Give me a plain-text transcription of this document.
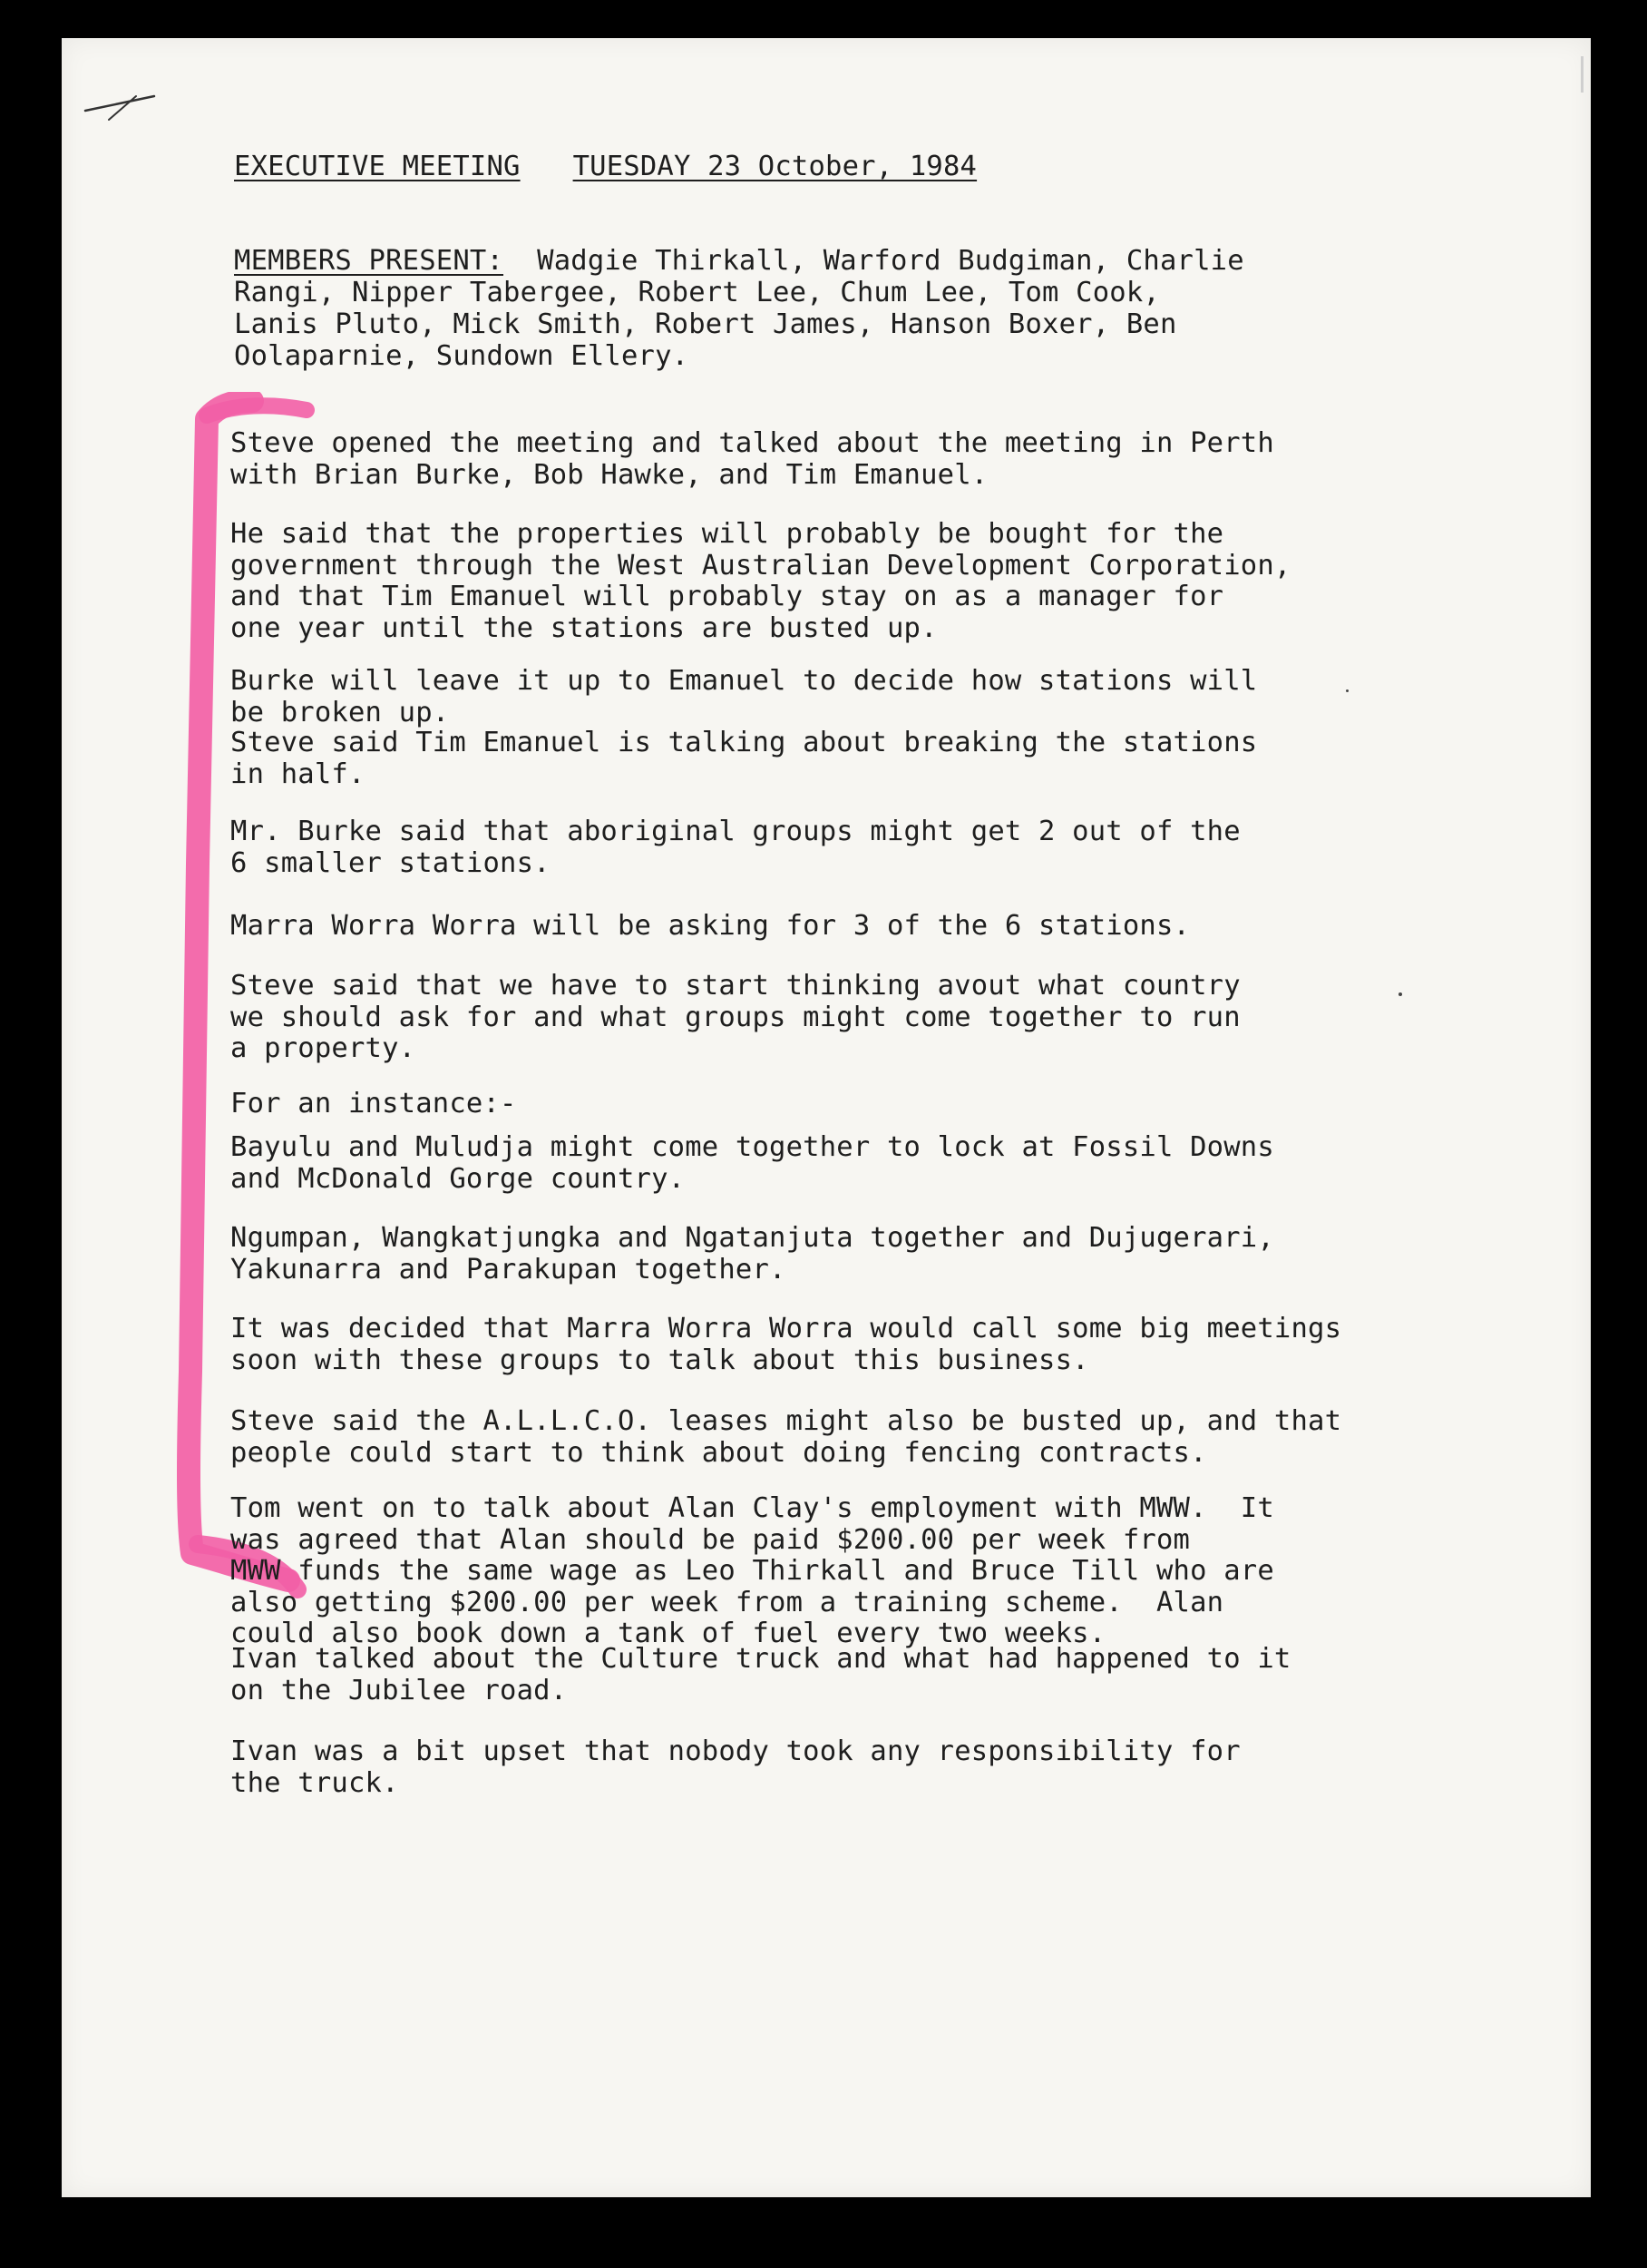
EXECUTIVE MEETING TUESDAY 23 October, 1984
MEMBERS PRESENT: Wadgie Thirkall, Warford Budgiman, Charlie
Rangi, Nipper Tabergee, Robert Lee, Chum Lee, Tom Cook,
Lanis Pluto, Mick Smith, Robert James, Hanson Boxer, Ben
Oolaparnie, Sundown Ellery.
Steve opened the meeting and talked about the meeting in Perth
with Brian Burke, Bob Hawke, and Tim Emanuel.
He said that the properties will probably be bought for the
government through the West Australian Development Corporation,
and that Tim Emanuel will probably stay on as a manager for
one year until the stations are busted up.
Burke will leave it up to Emanuel to decide how stations will
be broken up.
Steve said Tim Emanuel is talking about breaking the stations
in half.
Mr. Burke said that aboriginal groups might get 2 out of the
6 smaller stations.
Marra Worra Worra will be asking for 3 of the 6 stations.
Steve said that we have to start thinking avout what country
we should ask for and what groups might come together to run
a property.
For an instance:-
Bayulu and Muludja might come together to lock at Fossil Downs
and McDonald Gorge country.
Ngumpan, Wangkatjungka and Ngatanjuta together and Dujugerari,
Yakunarra and Parakupan together.
It was decided that Marra Worra Worra would call some big meetings
soon with these groups to talk about this business.
Steve said the A.L.L.C.O. leases might also be busted up, and that
people could start to think about doing fencing contracts.
Tom went on to talk about Alan Clay's employment with MWW.  It
was agreed that Alan should be paid $200.00 per week from
MWW funds the same wage as Leo Thirkall and Bruce Till who are
also getting $200.00 per week from a training scheme.  Alan
could also book down a tank of fuel every two weeks.
Ivan talked about the Culture truck and what had happened to it
on the Jubilee road.
Ivan was a bit upset that nobody took any responsibility for
the truck.
